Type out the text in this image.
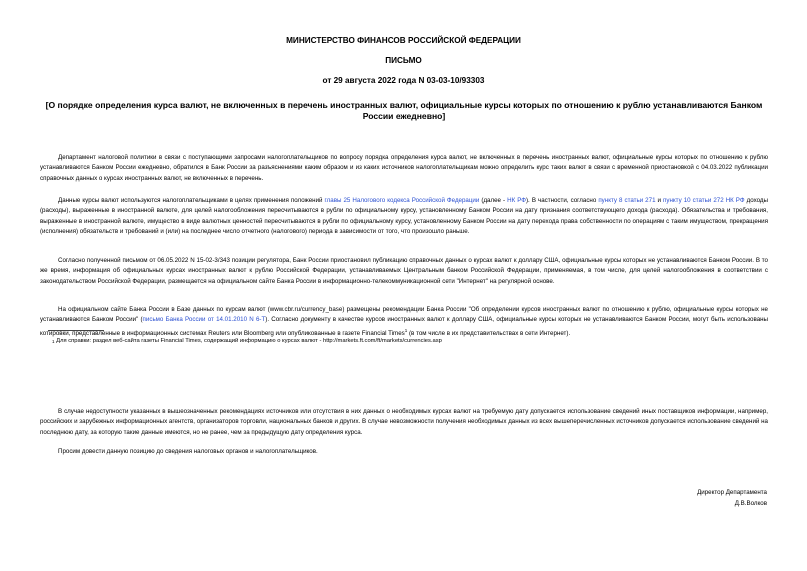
МИНИСТЕРСТВО ФИНАНСОВ РОССИЙСКОЙ ФЕДЕРАЦИИ
ПИСЬМО
от 29 августа 2022 года N 03-03-10/93303
[О порядке определения курса валют, не включенных в перечень иностранных валют, официальные курсы которых по отношению к рублю устанавливаются Банком России ежедневно]
Департамент налоговой политики в связи с поступающими запросами налогоплательщиков по вопросу порядка определения курса валют, не включенных в перечень иностранных валют, официальные курсы которых по отношению к рублю устанавливаются Банком России ежедневно, обратился в Банк России за разъяснениями каким образом и из каких источников налогоплательщикам можно определить курс таких валют в связи с временной приостановкой с 04.03.2022 публикации справочных данных о курсах иностранных валют, не включенных в перечень.
Данные курсы валют используются налогоплательщиками в целях применения положений главы 25 Налогового кодекса Российской Федерации (далее - НК РФ). В частности, согласно пункту 8 статьи 271 и пункту 10 статьи 272 НК РФ доходы (расходы), выраженные в иностранной валюте, для целей налогообложения пересчитываются в рубли по официальному курсу, установленному Банком России на дату признания соответствующего дохода (расхода). Обязательства и требования, выраженные в иностранной валюте, имущество в виде валютных ценностей пересчитываются в рубли по официальному курсу, установленному Банком России на дату перехода права собственности по операциям с таким имуществом, прекращения (исполнения) обязательств и требований и (или) на последнее число отчетного (налогового) периода в зависимости от того, что произошло раньше.
Согласно полученной письмом от 06.05.2022 N 15-02-3/343 позиции регулятора, Банк России приостановил публикацию справочных данных о курсах валют к доллару США, официальные курсы которых не устанавливаются Банком России. В то же время, информация об официальных курсах иностранных валют к рублю Российской Федерации, устанавливаемых Центральным банком Российской Федерации, применяемая, в том числе, для целей налогообложения в соответствии с законодательством Российской Федерации, размещается на официальном сайте Банка России в информационно-телекоммуникационной сети "Интернет" на регулярной основе.
На официальном сайте Банка России в Базе данных по курсам валют (www.cbr.ru/currency_base) размещены рекомендации Банка России "Об определении курсов иностранных валют по отношению к рублю, официальные курсы которых не устанавливаются Банком России" (письмо Банка России от 14.01.2010 N 6-Т). Согласно документу в качестве курсов иностранных валют к доллару США, официальные курсы которых не устанавливаются Банком России, могут быть использованы котировки, представленные в информационных системах Reuters или Bloomberg или опубликованные в газете Financial Times$^1$ (в том числе в их представительствах в сети Интернет).
$^1$ Для справки: раздел веб-сайта газеты Financial Times, содержащий информацию о курсах валют - http://markets.ft.com/ft/markets/currencies.asp
В случае недоступности указанных в вышеозначенных рекомендациях источников или отсутствия в них данных о необходимых курсах валют на требуемую дату допускается использование сведений иных поставщиков информации, например, российских и зарубежных информационных агентств, организаторов торговли, национальных банков и других. В случае невозможности получения необходимых данных из всех вышеперечисленных источников допускается использование сведений на последнюю дату, за которую такие данные имеются, но не ранее, чем за предыдущую дату определения курса.
Просим довести данную позицию до сведения налоговых органов и налогоплательщиков.
Директор Департамента
Д.В.Волков
